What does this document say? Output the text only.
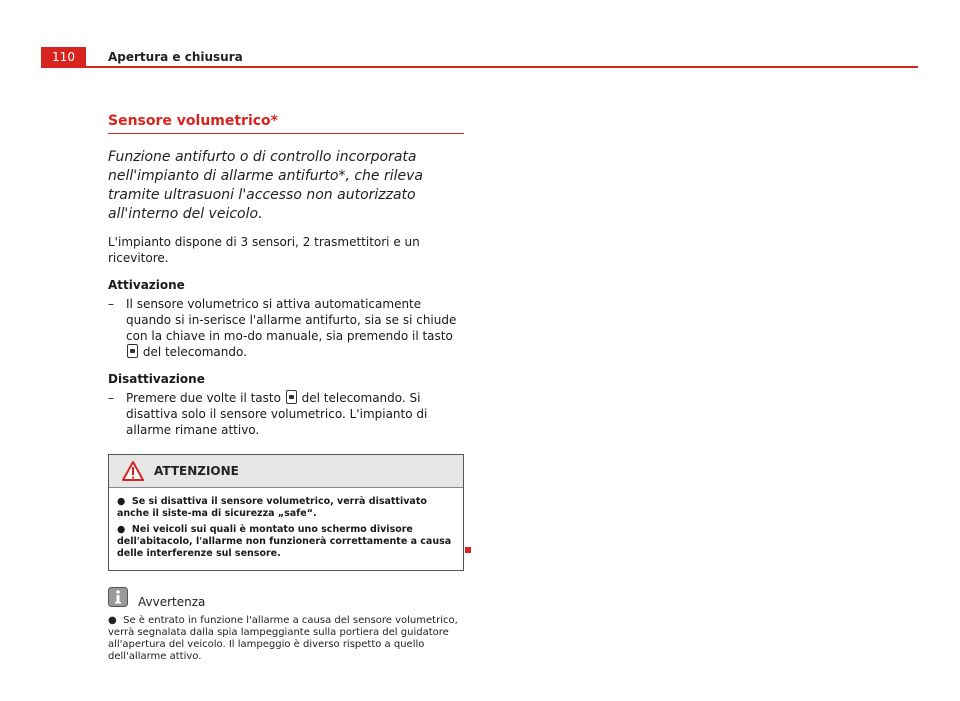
110	Apertura e chiusura
Sensore volumetrico*

Funzione antifurto o di controllo incorporata nell'impianto di allarme antifurto*, che rileva tramite ultrasuoni l'accesso non autorizzato all'interno del veicolo.

L'impianto dispone di 3 sensori, 2 trasmettitori e un ricevitore.

Attivazione
–	Il sensore volumetrico si attiva automaticamente quando si in-serisce l'allarme antifurto, sia se si chiude con la chiave in mo-do manuale, sia premendo il tasto  del telecomando.
Disattivazione
–	Premere due volte il tasto del telecomando. Si disattiva solo il sensore volumetrico. L'impianto di allarme rimane attivo.
ATTENZIONE
● Se si disattiva il sensore volumetrico, verrà disattivato anche il siste-ma di sicurezza „safe“.
● Nei veicoli sui quali è montato uno schermo divisore dell'abitacolo, l'allarme non funzionerà correttamente a causa delle interferenze sul sensore.
Avvertenza
● Se è entrato in funzione l'allarme a causa del sensore volumetrico, verrà segnalata dalla spia lampeggiante sulla portiera del guidatore all'apertura del veicolo. Il lampeggio è diverso rispetto a quello dell'allarme attivo.
